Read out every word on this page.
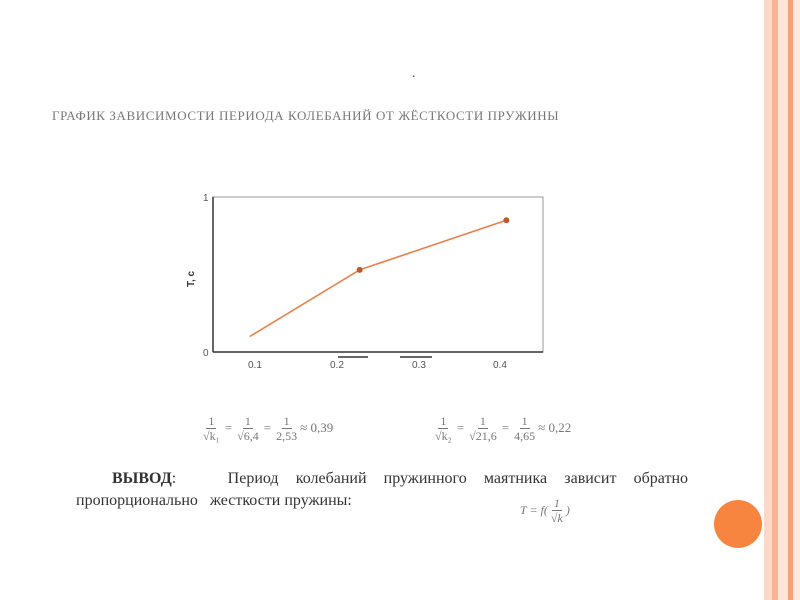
.
ГРАФИК ЗАВИСИМОСТИ ПЕРИОДА КОЛЕБАНИЙ ОТ ЖЁСТКОСТИ ПРУЖИНЫ
0
1
T, c
0.1	0.2	0.3	0.4
$\frac{1}{\text{√k₁}} = \frac{1}{√6,4} = \frac{1}{2,53} \approx 0,39$	$\frac{1}{\text{√k₂}} = \frac{1}{√21,6} = \frac{1}{4,65} \approx 0,22$
ВЫВОД:	Период колебаний пружинного маятника зависит обратно
пропорционально   жесткости пружины:
$T = f( \frac{1}{√k}$ )
